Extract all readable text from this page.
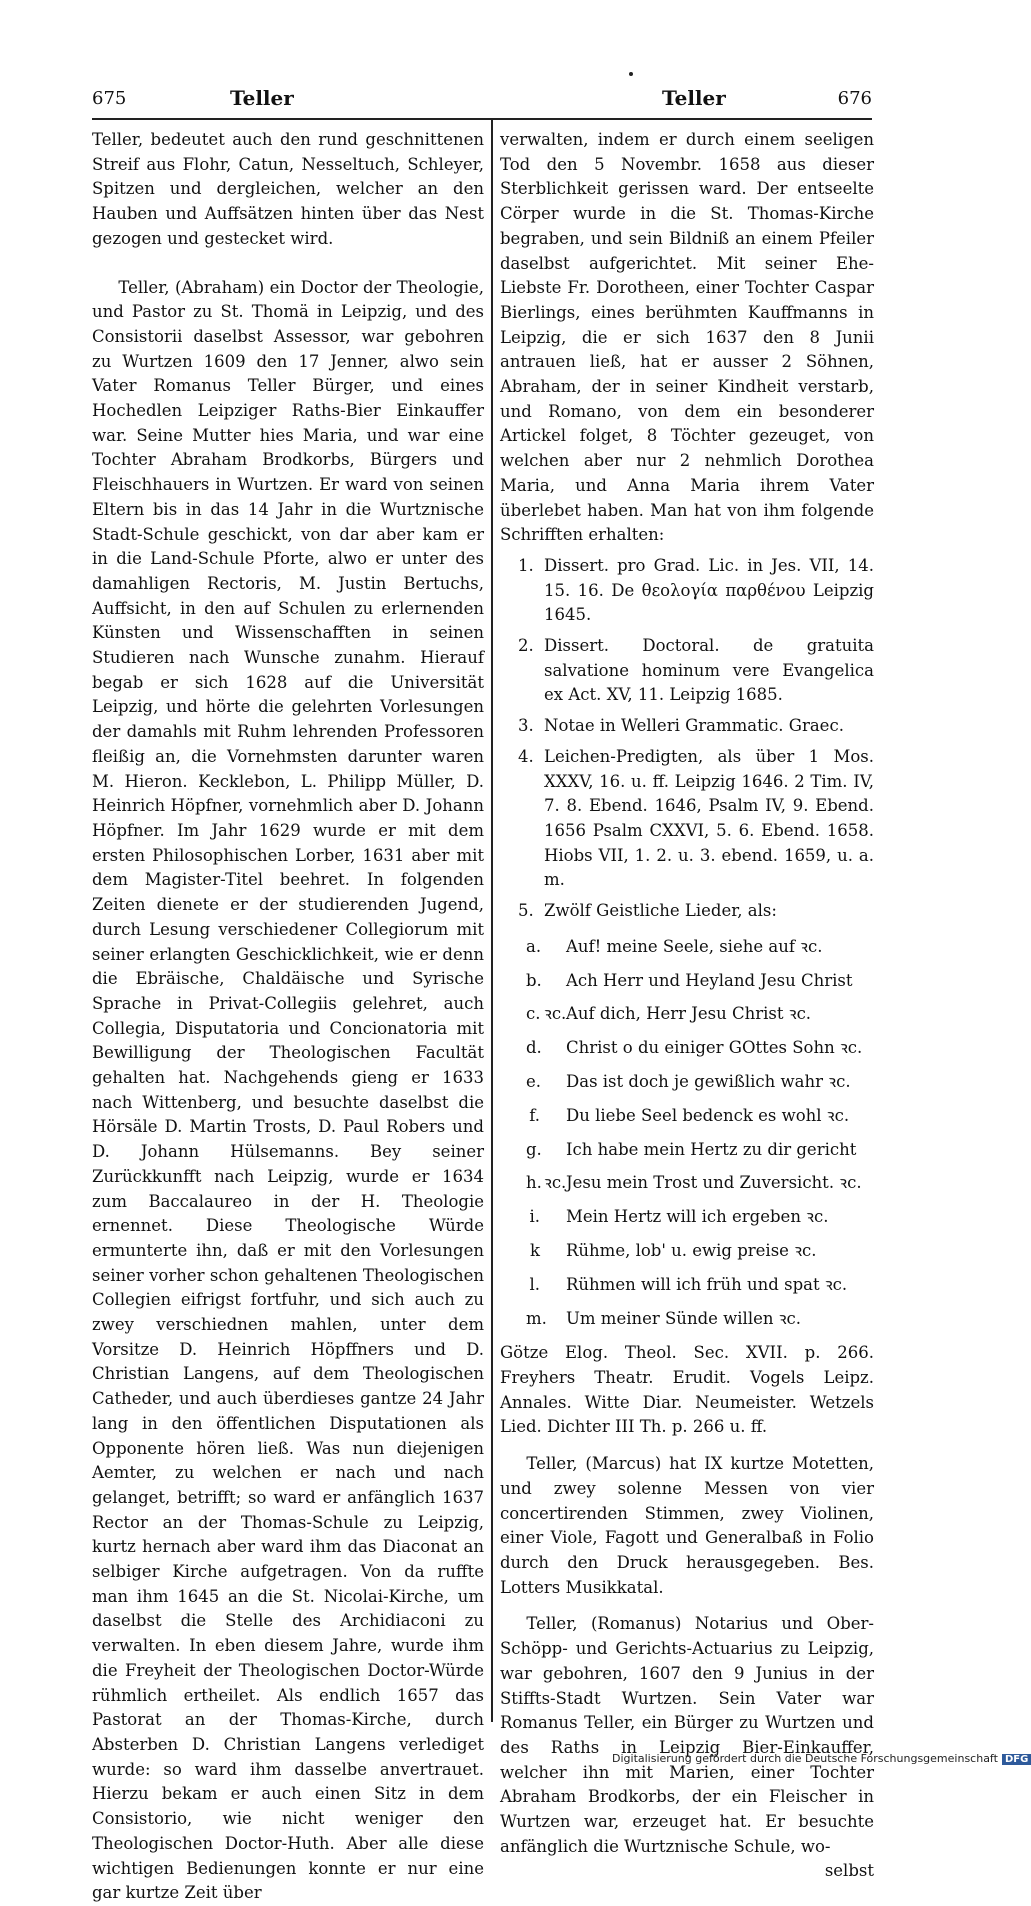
675	Teller	Teller	676

Teller, bedeutet auch den rund geschnittenen Streif aus Flohr, Catun, Nesseltuch, Schleyer, Spitzen und dergleichen, welcher an den Hauben und Auffsätzen hinten über das Nest gezogen und gestecket wird.

Teller, (Abraham) ein Doctor der Theologie, und Pastor zu St. Thomä in Leipzig, und des Consistorii daselbst Assessor, war gebohren zu Wurtzen 1609 den 17 Jenner, alwo sein Vater Romanus Teller Bürger, und eines Hochedlen Leipziger Raths-Bier Einkauffer war. Seine Mutter hies Maria, und war eine Tochter Abraham Brodkorbs, Bürgers und Fleischhauers in Wurtzen. Er ward von seinen Eltern bis in das 14 Jahr in die Wurtznische Stadt-Schule geschickt, von dar aber kam er in die Land-Schule Pforte, alwo er unter des damahligen Rectoris, M. Justin Bertuchs, Auffsicht, in den auf Schulen zu erlernenden Künsten und Wissenschafften in seinen Studieren nach Wunsche zunahm. Hierauf begab er sich 1628 auf die Universität Leipzig, und hörte die gelehrten Vorlesungen der damahls mit Ruhm lehrenden Professoren fleißig an, die Vornehmsten darunter waren M. Hieron. Kecklebon, L. Philipp Müller, D. Heinrich Höpfner, vornehmlich aber D. Johann Höpfner. Im Jahr 1629 wurde er mit dem ersten Philosophischen Lorber, 1631 aber mit dem Magister-Titel beehret. In folgenden Zeiten dienete er der studierenden Jugend, durch Lesung verschiedener Collegiorum mit seiner erlangten Geschicklichkeit, wie er denn die Ebräische, Chaldäische und Syrische Sprache in Privat-Collegiis gelehret, auch Collegia, Disputatoria und Concionatoria mit Bewilligung der Theologischen Facultät gehalten hat. Nachgehends gieng er 1633 nach Wittenberg, und besuchte daselbst die Hörsäle D. Martin Trosts, D. Paul Robers und D. Johann Hülsemanns. Bey seiner Zurückkunfft nach Leipzig, wurde er 1634 zum Baccalaureo in der H. Theologie ernennet. Diese Theologische Würde ermunterte ihn, daß er mit den Vorlesungen seiner vorher schon gehaltenen Theologischen Collegien eifrigst fortfuhr, und sich auch zu zwey verschiednen mahlen, unter dem Vorsitze D. Heinrich Höpffners und D. Christian Langens, auf dem Theologischen Catheder, und auch überdieses gantze 24 Jahr lang in den öffentlichen Disputationen als Opponente hören ließ. Was nun diejenigen Aemter, zu welchen er nach und nach gelanget, betrifft; so ward er anfänglich 1637 Rector an der Thomas-Schule zu Leipzig, kurtz hernach aber ward ihm das Diaconat an selbiger Kirche aufgetragen. Von da ruffte man ihm 1645 an die St. Nicolai-Kirche, um daselbst die Stelle des Archidiaconi zu verwalten. In eben diesem Jahre, wurde ihm die Freyheit der Theologischen Doctor-Würde rühmlich ertheilet. Als endlich 1657 das Pastorat an der Thomas-Kirche, durch Absterben D. Christian Langens verlediget wurde: so ward ihm dasselbe anvertrauet. Hierzu bekam er auch einen Sitz in dem Consistorio, wie nicht weniger den Theologischen Doctor-Huth. Aber alle diese wichtigen Bedienungen konnte er nur eine gar kurtze Zeit über

verwalten, indem er durch einem seeligen Tod den 5 Novembr. 1658 aus dieser Sterblichkeit gerissen ward. Der entseelte Cörper wurde in die St. Thomas-Kirche begraben, und sein Bildniß an einem Pfeiler daselbst aufgerichtet. Mit seiner Ehe-Liebste Fr. Dorotheen, einer Tochter Caspar Bierlings, eines berühmten Kauffmanns in Leipzig, die er sich 1637 den 8 Junii antrauen ließ, hat er ausser 2 Söhnen, Abraham, der in seiner Kindheit verstarb, und Romano, von dem ein besonderer Artickel folget, 8 Töchter gezeuget, von welchen aber nur 2 nehmlich Dorothea Maria, und Anna Maria ihrem Vater überlebet haben. Man hat von ihm folgende Schrifften erhalten:

1. Dissert. pro Grad. Lic. in Jes. VII, 14. 15. 16. De θεολογία παρθένου Leipzig 1645.
2. Dissert. Doctoral. de gratuita salvatione hominum vere Evangelica ex Act. XV, 11. Leipzig 1685.
3. Notae in Welleri Grammatic. Graec.
4. Leichen-Predigten, als über 1 Mos. XXXV, 16. u. ff. Leipzig 1646. 2 Tim. IV, 7. 8. Ebend. 1646, Psalm IV, 9. Ebend. 1656 Psalm CXXVI, 5. 6. Ebend. 1658. Hiobs VII, 1. 2. u. 3. ebend. 1659, u. a. m.
5. Zwölf Geistliche Lieder, als:
a. Auf! meine Seele, siehe auf ꝛc.
b. Ach Herr und Heyland Jesu Christ ꝛc.
c. Auf dich, Herr Jesu Christ ꝛc.
d. Christ o du einiger GOttes Sohn ꝛc.
e. Das ist doch je gewißlich wahr ꝛc.
f. Du liebe Seel bedenck es wohl ꝛc.
g. Ich habe mein Hertz zu dir gericht ꝛc.
h. Jesu mein Trost und Zuversicht. ꝛc.
i. Mein Hertz will ich ergeben ꝛc.
k Rühme, lob' u. ewig preise ꝛc.
l. Rühmen will ich früh und spat ꝛc.
m. Um meiner Sünde willen ꝛc.

Götze Elog. Theol. Sec. XVII. p. 266. Freyhers Theatr. Erudit. Vogels Leipz. Annales. Witte Diar. Neumeister. Wetzels Lied. Dichter III Th. p. 266 u. ff.

Teller, (Marcus) hat IX kurtze Motetten, und zwey solenne Messen von vier concertirenden Stimmen, zwey Violinen, einer Viole, Fagott und Generalbaß in Folio durch den Druck herausgegeben. Bes. Lotters Musikkatal.

Teller, (Romanus) Notarius und Ober-Schöpp- und Gerichts-Actuarius zu Leipzig, war gebohren, 1607 den 9 Junius in der Stiffts-Stadt Wurtzen. Sein Vater war Romanus Teller, ein Bürger zu Wurtzen und des Raths in Leipzig Bier-Einkauffer, welcher ihn mit Marien, einer Tochter Abraham Brodkorbs, der ein Fleischer in Wurtzen war, erzeuget hat. Er besuchte anfänglich die Wurtznische Schule, wo-

selbst

Digitalisierung gefördert durch die Deutsche Forschungsgemeinschaft DFG
